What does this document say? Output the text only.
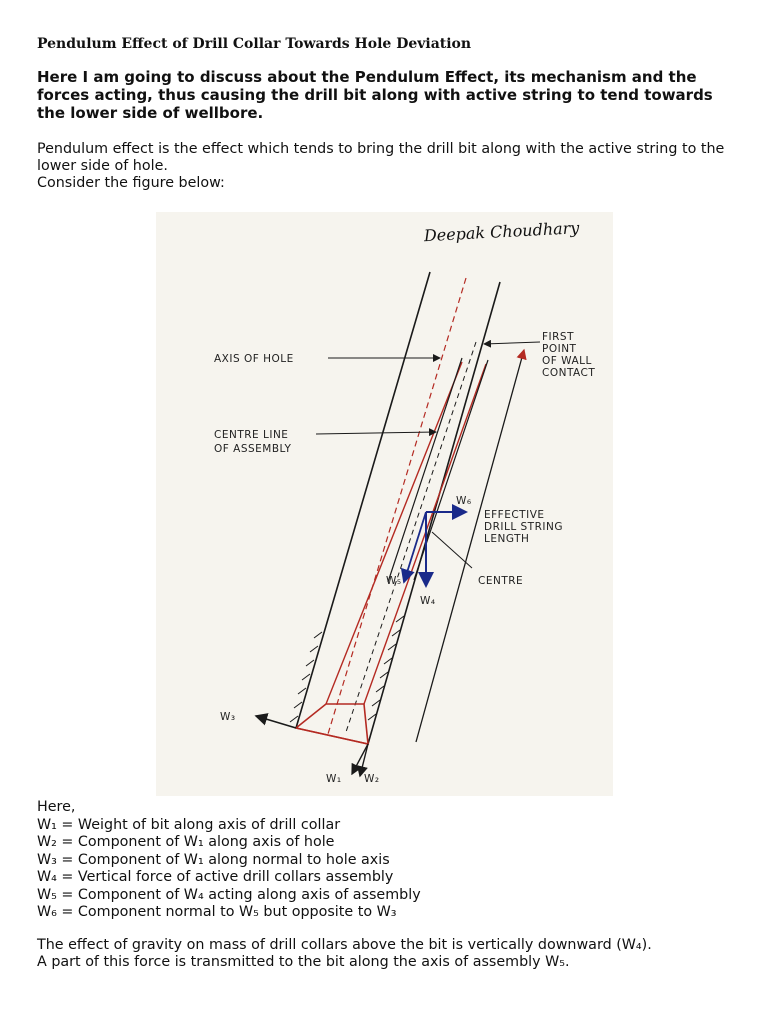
Pendulum Effect of Drill Collar Towards Hole Deviation
Here I am going to discuss about the Pendulum Effect, its mechanism and the forces acting, thus causing the drill bit along with active string to tend towards the lower side of wellbore.
Pendulum effect is the effect which tends to bring the drill bit along with the active string to the lower side of hole.
Consider the figure below:
Deepak Choudhary
AXIS OF HOLE
CENTRE LINE
OF ASSEMBLY
FIRST
POINT
OF WALL
CONTACT
EFFECTIVE
DRILL STRING
LENGTH
CENTRE
W₆
W₄
W₅
W₃
W₁ W₂
Here,
W₁ = Weight of bit along axis of drill collar
W₂ = Component of W₁ along axis of hole
W₃ = Component of W₁ along normal to hole axis
W₄ = Vertical force of active drill collars assembly
W₅ = Component of W₄ acting along axis of assembly
W₆ = Component normal to W₅ but opposite to W₃
The effect of gravity on mass of drill collars above the bit is vertically downward (W₄).
A part of this force is transmitted to the bit along the axis of assembly W₅.
